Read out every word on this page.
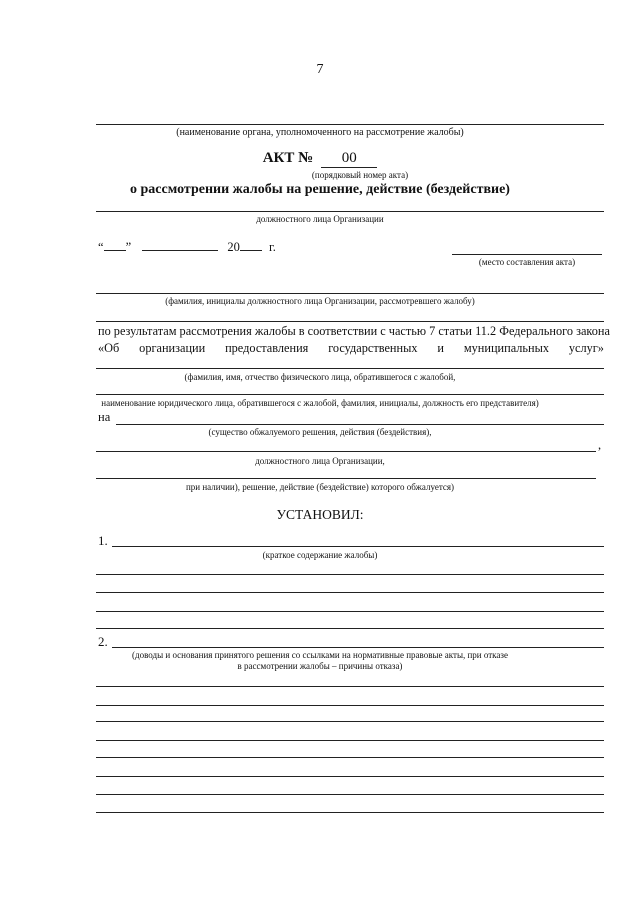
7
(наименование органа, уполномоченного на рассмотрение жалобы)
АКТ № 00
(порядковый номер акта)
о рассмотрении жалобы на решение, действие (бездействие)
должностного лица Организации
“ ”	20 г.
(место составления акта)
(фамилия, инициалы должностного лица Организации, рассмотревшего жалобу)
по результатам рассмотрения жалобы в соответствии с частью 7 статьи 11.2 Федерального закона
«Об организации предоставления государственных и муниципальных услуг»
(фамилия, имя, отчество физического лица, обратившегося с жалобой,
наименование юридического лица, обратившегося с жалобой, фамилия, инициалы, должность его представителя)
на
(существо обжалуемого решения, действия (бездействия),
,
должностного лица Организации,
при наличии), решение, действие (бездействие) которого обжалуется)
УСТАНОВИЛ:
1.
(краткое содержание жалобы)
2.
(доводы и основания принятого решения со ссылками на нормативные правовые акты, при отказе
в рассмотрении жалобы – причины отказа)
